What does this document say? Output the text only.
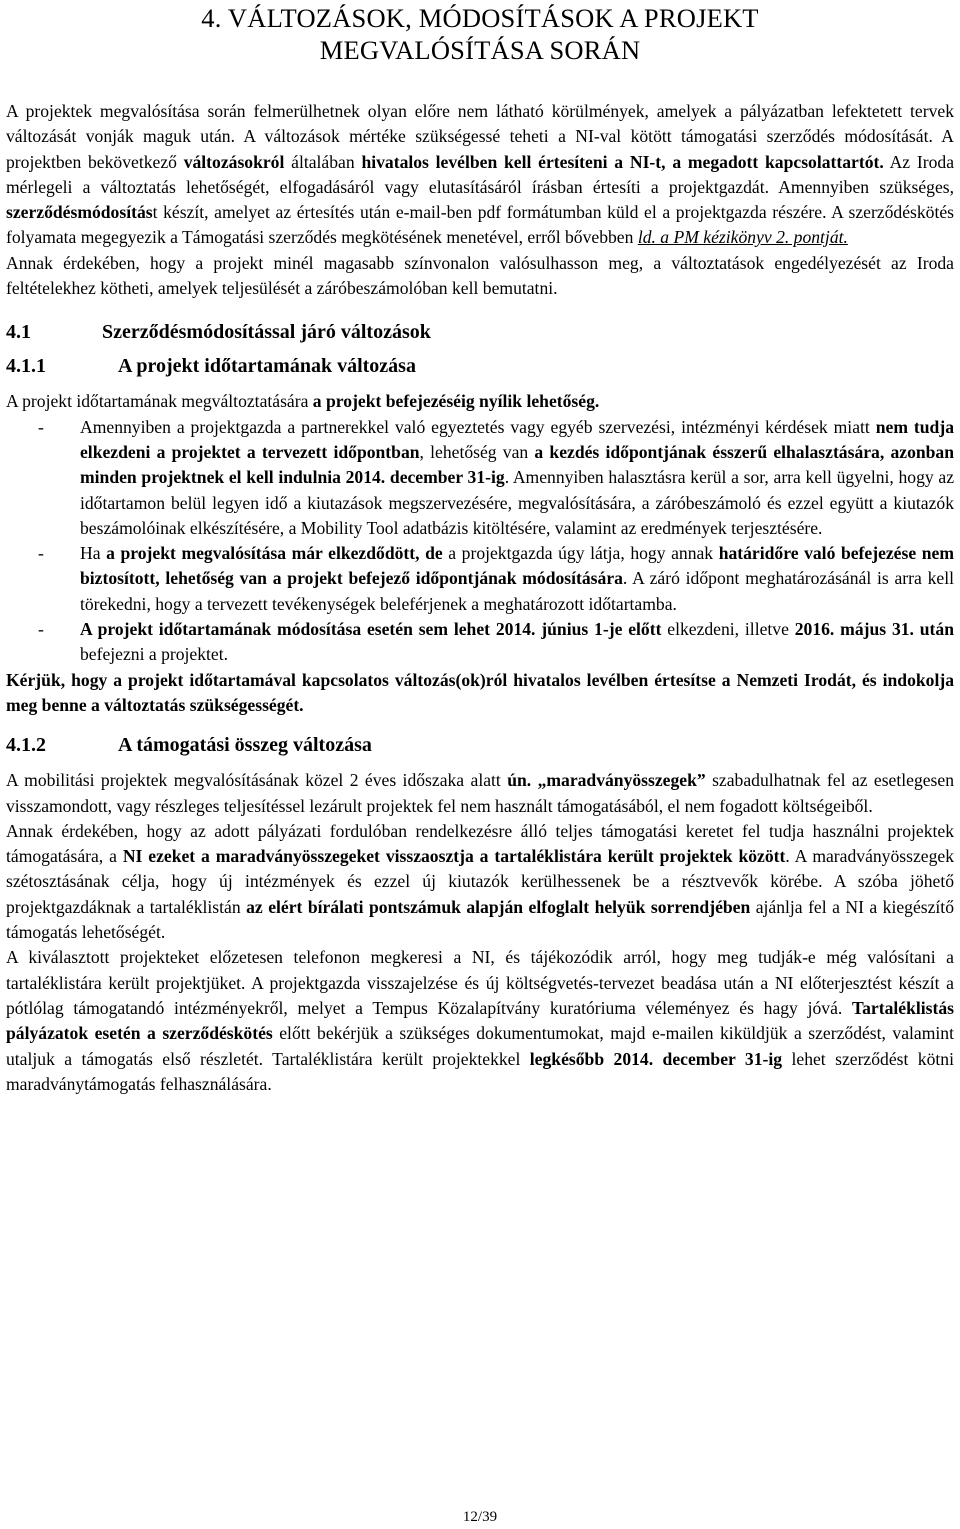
4. VÁLTOZÁSOK, MÓDOSÍTÁSOK A PROJEKT
MEGVALÓSÍTÁSA SORÁN

A projektek megvalósítása során felmerülhetnek olyan előre nem látható körülmények, amelyek a pályázatban lefektetett tervek változását vonják maguk után. A változások mértéke szükségessé teheti a NI-val kötött támogatási szerződés módosítását. A projektben bekövetkező változásokról általában hivatalos levélben kell értesíteni a NI-t, a megadott kapcsolattartót. Az Iroda mérlegeli a változtatás lehetőségét, elfogadásáról vagy elutasításáról írásban értesíti a projektgazdát. Amennyiben szükséges, szerződésmódosítást készít, amelyet az értesítés után e-mail-ben pdf formátumban küld el a projektgazda részére. A szerződéskötés folyamata megegyezik a Támogatási szerződés megkötésének menetével, erről bővebben ld. a PM kézikönyv 2. pontját.

Annak érdekében, hogy a projekt minél magasabb színvonalon valósulhasson meg, a változtatások engedélyezését az Iroda feltételekhez kötheti, amelyek teljesülését a záróbeszámolóban kell bemutatni.

4.1	Szerződésmódosítással járó változások
4.1.1	A projekt időtartamának változása

A projekt időtartamának megváltoztatására a projekt befejezéséig nyílik lehetőség.

- Amennyiben a projektgazda a partnerekkel való egyeztetés vagy egyéb szervezési, intézményi kérdések miatt nem tudja elkezdeni a projektet a tervezett időpontban, lehetőség van a kezdés időpontjának ésszerű elhalasztására, azonban minden projektnek el kell indulnia 2014. december 31-ig. Amennyiben halasztásra kerül a sor, arra kell ügyelni, hogy az időtartamon belül legyen idő a kiutazások megszervezésére, megvalósítására, a záróbeszámoló és ezzel együtt a kiutazók beszámolóinak elkészítésére, a Mobility Tool adatbázis kitöltésére, valamint az eredmények terjesztésére.
- Ha a projekt megvalósítása már elkezdődött, de a projektgazda úgy látja, hogy annak határidőre való befejezése nem biztosított, lehetőség van a projekt befejező időpontjának módosítására. A záró időpont meghatározásánál is arra kell törekedni, hogy a tervezett tevékenységek beleférjenek a meghatározott időtartamba.
- A projekt időtartamának módosítása esetén sem lehet 2014. június 1-je előtt elkezdeni, illetve 2016. május 31. után befejezni a projektet.

Kérjük, hogy a projekt időtartamával kapcsolatos változás(ok)ról hivatalos levélben értesítse a Nemzeti Irodát, és indokolja meg benne a változtatás szükségességét.

4.1.2	A támogatási összeg változása

A mobilitási projektek megvalósításának közel 2 éves időszaka alatt ún. „maradványösszegek” szabadulhatnak fel az esetlegesen visszamondott, vagy részleges teljesítéssel lezárult projektek fel nem használt támogatásából, el nem fogadott költségeiből.

Annak érdekében, hogy az adott pályázati fordulóban rendelkezésre álló teljes támogatási keretet fel tudja használni projektek támogatására, a NI ezeket a maradványösszegeket visszaosztja a tartaléklistára került projektek között. A maradványösszegek szétosztásának célja, hogy új intézmények és ezzel új kiutazók kerülhessenek be a résztvevők körébe. A szóba jöhető projektgazdáknak a tartaléklistán az elért bírálati pontszámuk alapján elfoglalt helyük sorrendjében ajánlja fel a NI a kiegészítő támogatás lehetőségét.

A kiválasztott projekteket előzetesen telefonon megkeresi a NI, és tájékozódik arról, hogy meg tudják-e még valósítani a tartaléklistára került projektjüket. A projektgazda visszajelzése és új költségvetés-tervezet beadása után a NI előterjesztést készít a pótlólag támogatandó intézményekről, melyet a Tempus Közalapítvány kuratóriuma véleményez és hagy jóvá. Tartaléklistás pályázatok esetén a szerződéskötés előtt bekérjük a szükséges dokumentumokat, majd e-mailen kiküldjük a szerződést, valamint utaljuk a támogatás első részletét. Tartaléklistára került projektekkel legkésőbb 2014. december 31-ig lehet szerződést kötni maradványtámogatás felhasználására.

12/39
